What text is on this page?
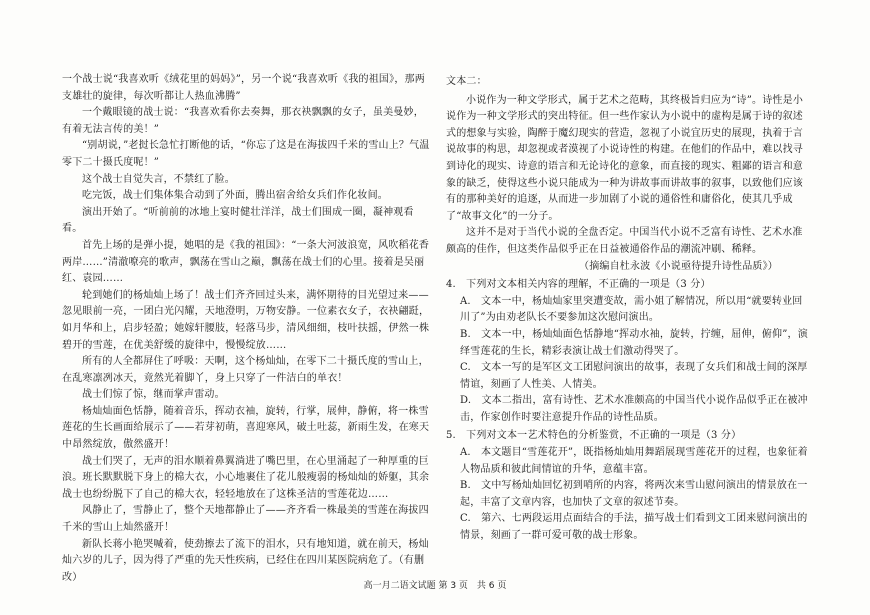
一个战士说“我喜欢听《绒花里的妈妈》”，另一个说“我喜欢听《我的祖国》，那两支雄壮的旋律，每次听都让人热血沸腾”

一个戴眼镜的战士说：“我喜欢看你去奏舞，那衣袂飘飘的女子，虽美曼妙，有着无法言传的美！”

“别胡说，”老挝长急忙打断他的话，“你忘了这是在海拔四千米的雪山上？气温零下二十摄氏度呢！”

这个战士自觉失言，不禁红了脸。

吃完饭，战士们集体集合动到了外面，腾出宿舍给女兵们作化妆间。

演出开始了。“听前前的冰地上宴时健壮洋洋，战士们围成一圈，凝神观看看。

首先上场的是弹小提，她唱的是《我的祖国》：“一条大河波浪宽，风吹稻花香两岸……”清澈嘹亮的歌声，飘荡在雪山之巅，飘荡在战士们的心里。接着是吴丽红、袁园……

轮到她们的杨灿灿上场了！战士们齐齐回过头来，满怀期待的目光望过来——忽见眼前一亮，一团白光闪耀，天地澄明，万物安静。一位素衣女子，衣袂翩跹，如月华和上，启步轻盈；她嫁轩腰肢，轻落马步，清风细细，枝叶扶摇，伊然一株碧开的雪莲，在优美舒缓的旋律中，慢慢绽放……

所有的人全都屏住了呼吸：天啊，这个杨灿灿，在零下二十摄氏度的雪山上，在乱寒凛冽冰天，竟然光着脚丫，身上只穿了一件洁白的单衣！

战士们惊了惊，继而掌声雷动。

杨灿灿面色恬静，随着音乐，挥动衣袖，旋转，行掌，展伸，静俯，将一株雪莲花的生长画面给展示了——若芽初萌，喜迎寒风，破土吐蕊，新雨生发，在寒天中昂然绽放，傲然盛开！

战士们哭了，无声的泪水顺着鼻翼淌进了嘴巴里，在心里涌起了一种厚重的巨浪。班长默默脱下身上的棉大衣，小心地裹住了花儿般瘦弱的杨灿灿的娇躯，其余战士也纷纷脱下了自己的棉大衣，轻轻地放在了这株圣洁的雪莲花边……

风静止了，雪静止了，整个天地都静止了——齐齐看一株最美的雪莲在海拔四千米的雪山上灿然盛开！

新队长蒋小艳哭喊着，使劲擦去了流下的泪水，只有地知道，就在前天，杨灿灿六岁的儿子，因为得了严重的先天性疾病，已经住在四川某医院病危了。（有删改）

文本二：

小说作为一种文学形式，属于艺术之范畴，其终极旨归应为“诗”。诗性是小说作为一种文学形式的突出特征。但一些作家认为小说中的虚构是属于诗的叙述式的想象与实验，陶醉于魔幻现实的营造，忽视了小说宜历史的展现，执着于言说故事的构思，却忽视或者漠视了小说诗性的构建。在他们的作品中，难以找寻到诗化的现实、诗意的语言和无论诗化的意象，而直接的现实、粗鄙的语言和意象的缺乏，使得这些小说只能成为一种为讲故事而讲故事的叙事，以致他们应该有的那种美好的追逐，从而进一步加剧了小说的通俗性和庸俗化，使其几乎成了“故事文化”的一分子。

这并不是对于当代小说的全盘否定。中国当代小说不乏富有诗性、艺术水准颇高的佳作，但这类作品似乎正在日益被通俗作品的潮流冲刷、稀释。

（摘编自杜永波《小说亟待提升诗性品质》）

4.　下列对文本相关内容的理解，不正确的一项是（3 分）

A.　文本一中，杨灿灿家里突遭变故，需小姐了解情况，所以用“就要转业回川了”为由劝老队长不要参加这次慰问演出。

B.　文本一中，杨灿灿面色恬静地“挥动水袖，旋转，拧缠，屈伸，俯仰”，演绎雪莲花的生长，精彩表演让战士们激动得哭了。

C.　文本一写的是军区文工团慰问演出的故事，表现了女兵们和战士间的深厚情谊，刻画了人性美、人情美。

D.　文本二指出，富有诗性、艺术水准颇高的中国当代小说作品似乎正在被冲击，作家创作时要注意提升作品的诗性品质。

5.　下列对文本一艺术特色的分析鉴赏，不正确的一项是（3 分）

A.　本文题目“雪莲花开”，既指杨灿灿用舞蹈展现雪莲花开的过程，也象征着人物品质和彼此间情谊的升华，意蕴丰富。

B.　文中写杨灿灿回忆初到哨所的内容，将两次来雪山慰问演出的情景放在一起，丰富了文章内容，也加快了文章的叙述节奏。

C.　第六、七两段运用点面结合的手法，描写战士们看到文工团来慰问演出的情景，刻画了一群可爱可敬的战士形象。

高一月二语文试题 第 3 页　共 6 页
